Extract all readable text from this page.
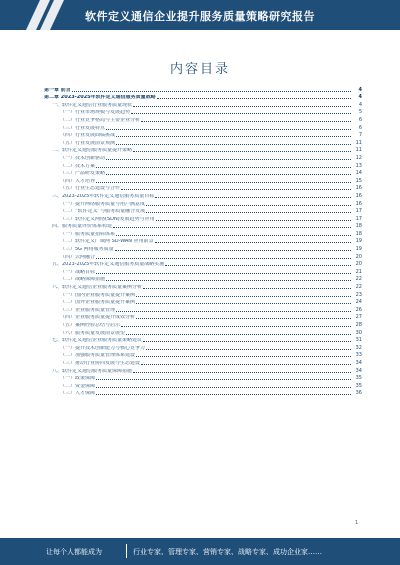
软件定义通信企业提升服务质量策略研究报告
内容目录
第一章 前言	4
第二章 2023-2025年软件定义通信服务质量战略	4
一、软件定义通信行业服务质量现状	4
（一）行业市场规模与发展趋势	5
（二）行业竞争格局与主要企业分析	6
（三）行业发展特点	6
（四）行业发展面临挑战	7
（五）行业发展前景预测	11
二、软件定义通信服务质量提升策略	11
（一）技术创新驱动	12
（二）技术方案	13
（三）产品研发策略	14
（四）人才培养	15
（五）行业生态建设与合作	16
三、2023-2025年软件定义通信服务质量目标	16
（一）提升网络服务质量与用户满意度	16
（二）“软件定义”与服务质量融合发展	17
（三）软件定义网络(SDN)发展趋势与应用	17
四、服务质量评价体系构建	18
（一）服务质量指标体系	18
（二）软件定义广域网 SD-WAN 应用前景	19
（三）5G 网络服务质量	19
（四）云网融合	20
五、2023-2025年软件定义通信服务质量战略实施	20
（一）战略目标	21
（二）战略保障措施	22
六、软件定义通信企业服务质量案例分析	22
（一）国内企业服务质量提升案例	23
（二）国外企业服务质量提升案例	24
（三）企业服务质量管理	26
（四）企业服务质量提升成效分析	27
（五）案例经验总结与启示	28
（六）服务质量发展前景展望	30
七、软件定义通信企业服务质量策略建议	31
（一）提升技术创新能力与核心竞争力	32
（二）加强服务质量管理体系建设	33
（三）推动行业协同发展与生态建设	34
八、软件定义通信服务质量保障措施	34
（一）政策保障	35
（二）资金保障	35
（三）人才保障	36
1
让每个人都能成为	行业专家、管理专家、营销专家、战略专家、成功企业家……
